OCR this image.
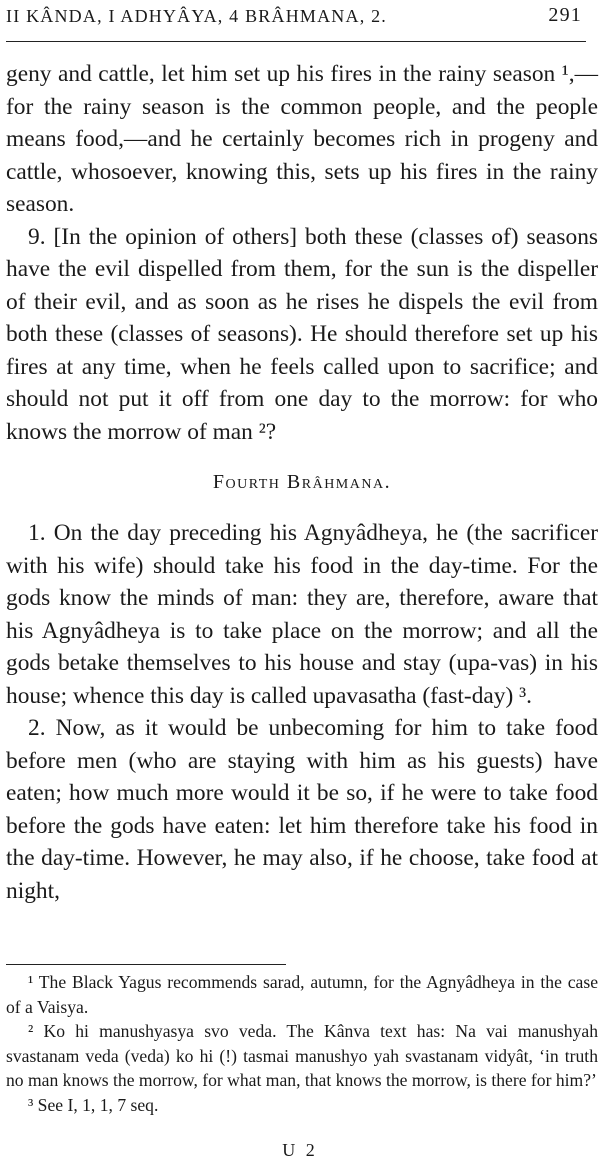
II KÂNDA, I ADHYÂYA, 4 BRÂHMANA, 2.	291

geny and cattle, let him set up his fires in the rainy season ¹,—for the rainy season is the common people, and the people means food,—and he certainly becomes rich in progeny and cattle, whosoever, knowing this, sets up his fires in the rainy season.

9. [In the opinion of others] both these (classes of) seasons have the evil dispelled from them, for the sun is the dispeller of their evil, and as soon as he rises he dispels the evil from both these (classes of seasons). He should therefore set up his fires at any time, when he feels called upon to sacrifice; and should not put it off from one day to the morrow: for who knows the morrow of man ²?

Fourth Brâhmana.

1. On the day preceding his Agnyâdheya, he (the sacrificer with his wife) should take his food in the day-time. For the gods know the minds of man: they are, therefore, aware that his Agnyâdheya is to take place on the morrow; and all the gods betake themselves to his house and stay (upa-vas) in his house; whence this day is called upavasatha (fast-day) ³.

2. Now, as it would be unbecoming for him to take food before men (who are staying with him as his guests) have eaten; how much more would it be so, if he were to take food before the gods have eaten: let him therefore take his food in the day-time. However, he may also, if he choose, take food at night,

¹ The Black Yagus recommends sarad, autumn, for the Agnyâdheya in the case of a Vaisya.

² Ko hi manushyasya svo veda. The Kânva text has: Na vai manushyah svastanam veda (veda) ko hi (!) tasmai manushyo yah svastanam vidyât, ‘in truth no man knows the morrow, for what man, that knows the morrow, is there for him?’

³ See I, 1, 1, 7 seq.

U 2
